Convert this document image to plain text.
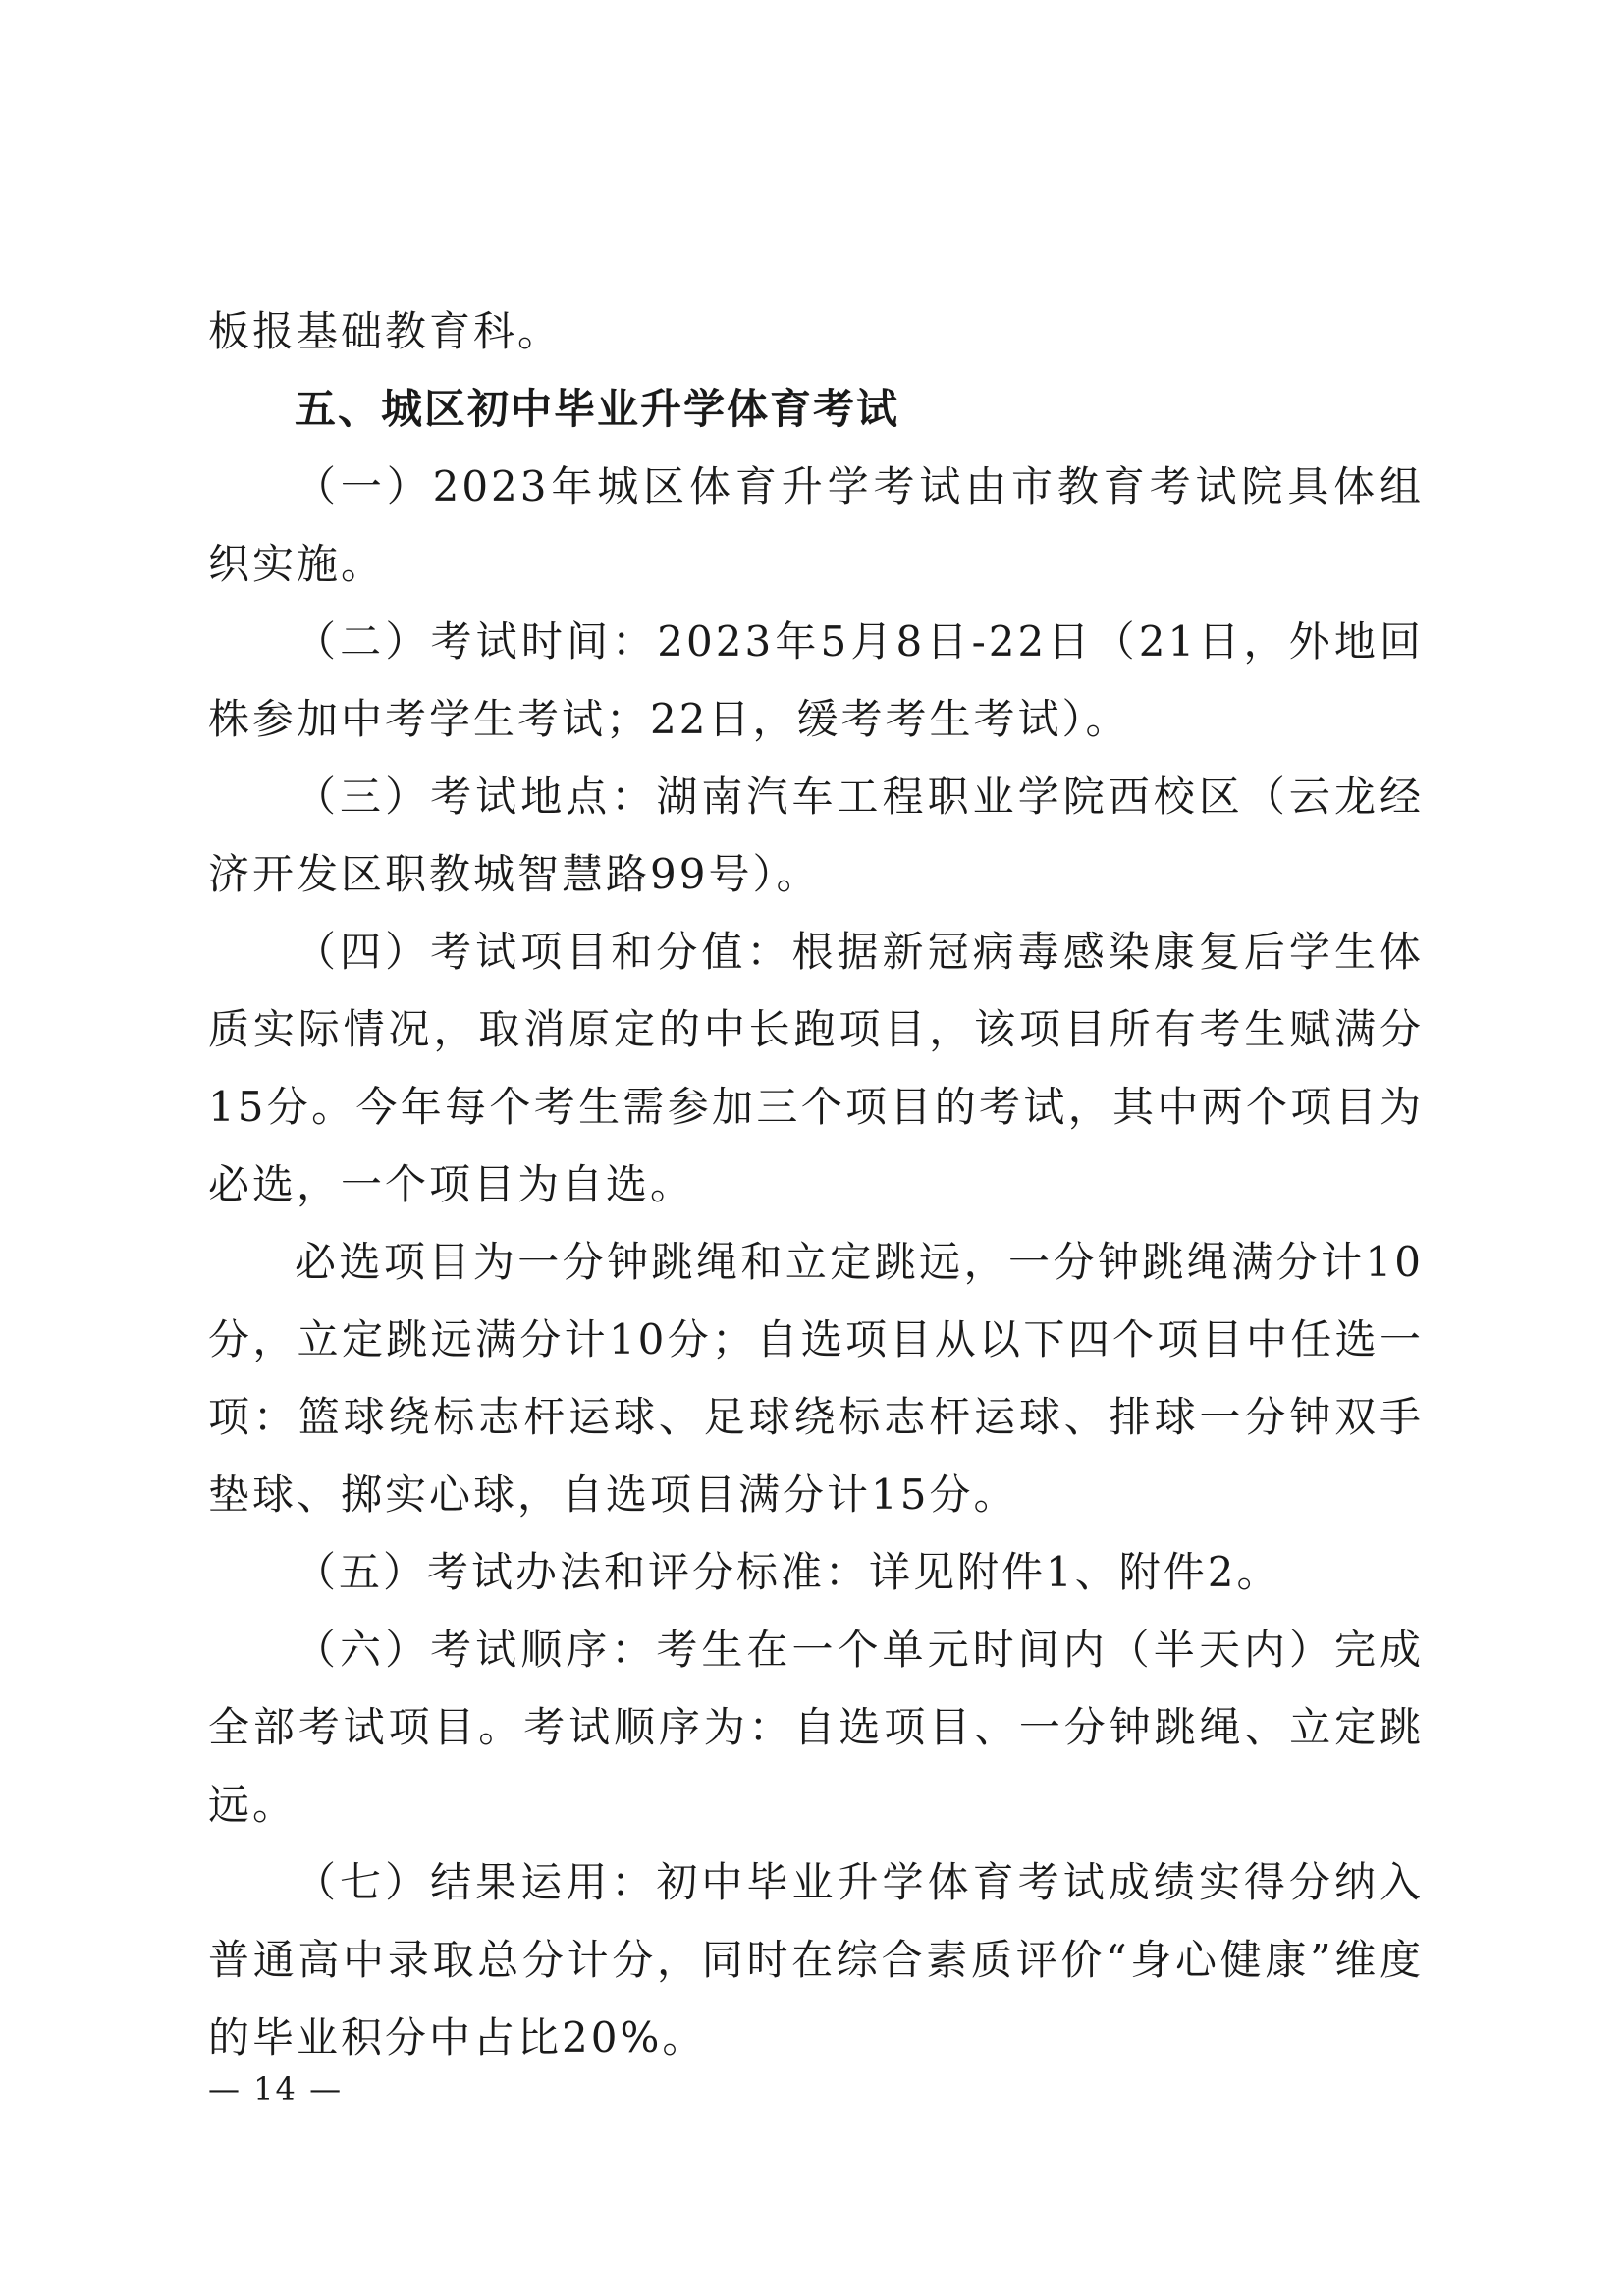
板报基础教育科。

五、城区初中毕业升学体育考试

（一）2023年城区体育升学考试由市教育考试院具体组织实施。

（二）考试时间：2023年5月8日-22日（21日，外地回株参加中考学生考试；22日，缓考考生考试）。

（三）考试地点：湖南汽车工程职业学院西校区（云龙经济开发区职教城智慧路99号）。

（四）考试项目和分值：根据新冠病毒感染康复后学生体质实际情况，取消原定的中长跑项目，该项目所有考生赋满分15分。今年每个考生需参加三个项目的考试，其中两个项目为必选，一个项目为自选。

必选项目为一分钟跳绳和立定跳远，一分钟跳绳满分计10分，立定跳远满分计10分；自选项目从以下四个项目中任选一项：篮球绕标志杆运球、足球绕标志杆运球、排球一分钟双手垫球、掷实心球，自选项目满分计15分。

（五）考试办法和评分标准：详见附件1、附件2。

（六）考试顺序：考生在一个单元时间内（半天内）完成全部考试项目。考试顺序为：自选项目、一分钟跳绳、立定跳远。

（七）结果运用：初中毕业升学体育考试成绩实得分纳入普通高中录取总分计分，同时在综合素质评价“身心健康”维度的毕业积分中占比20%。

— 14 —
